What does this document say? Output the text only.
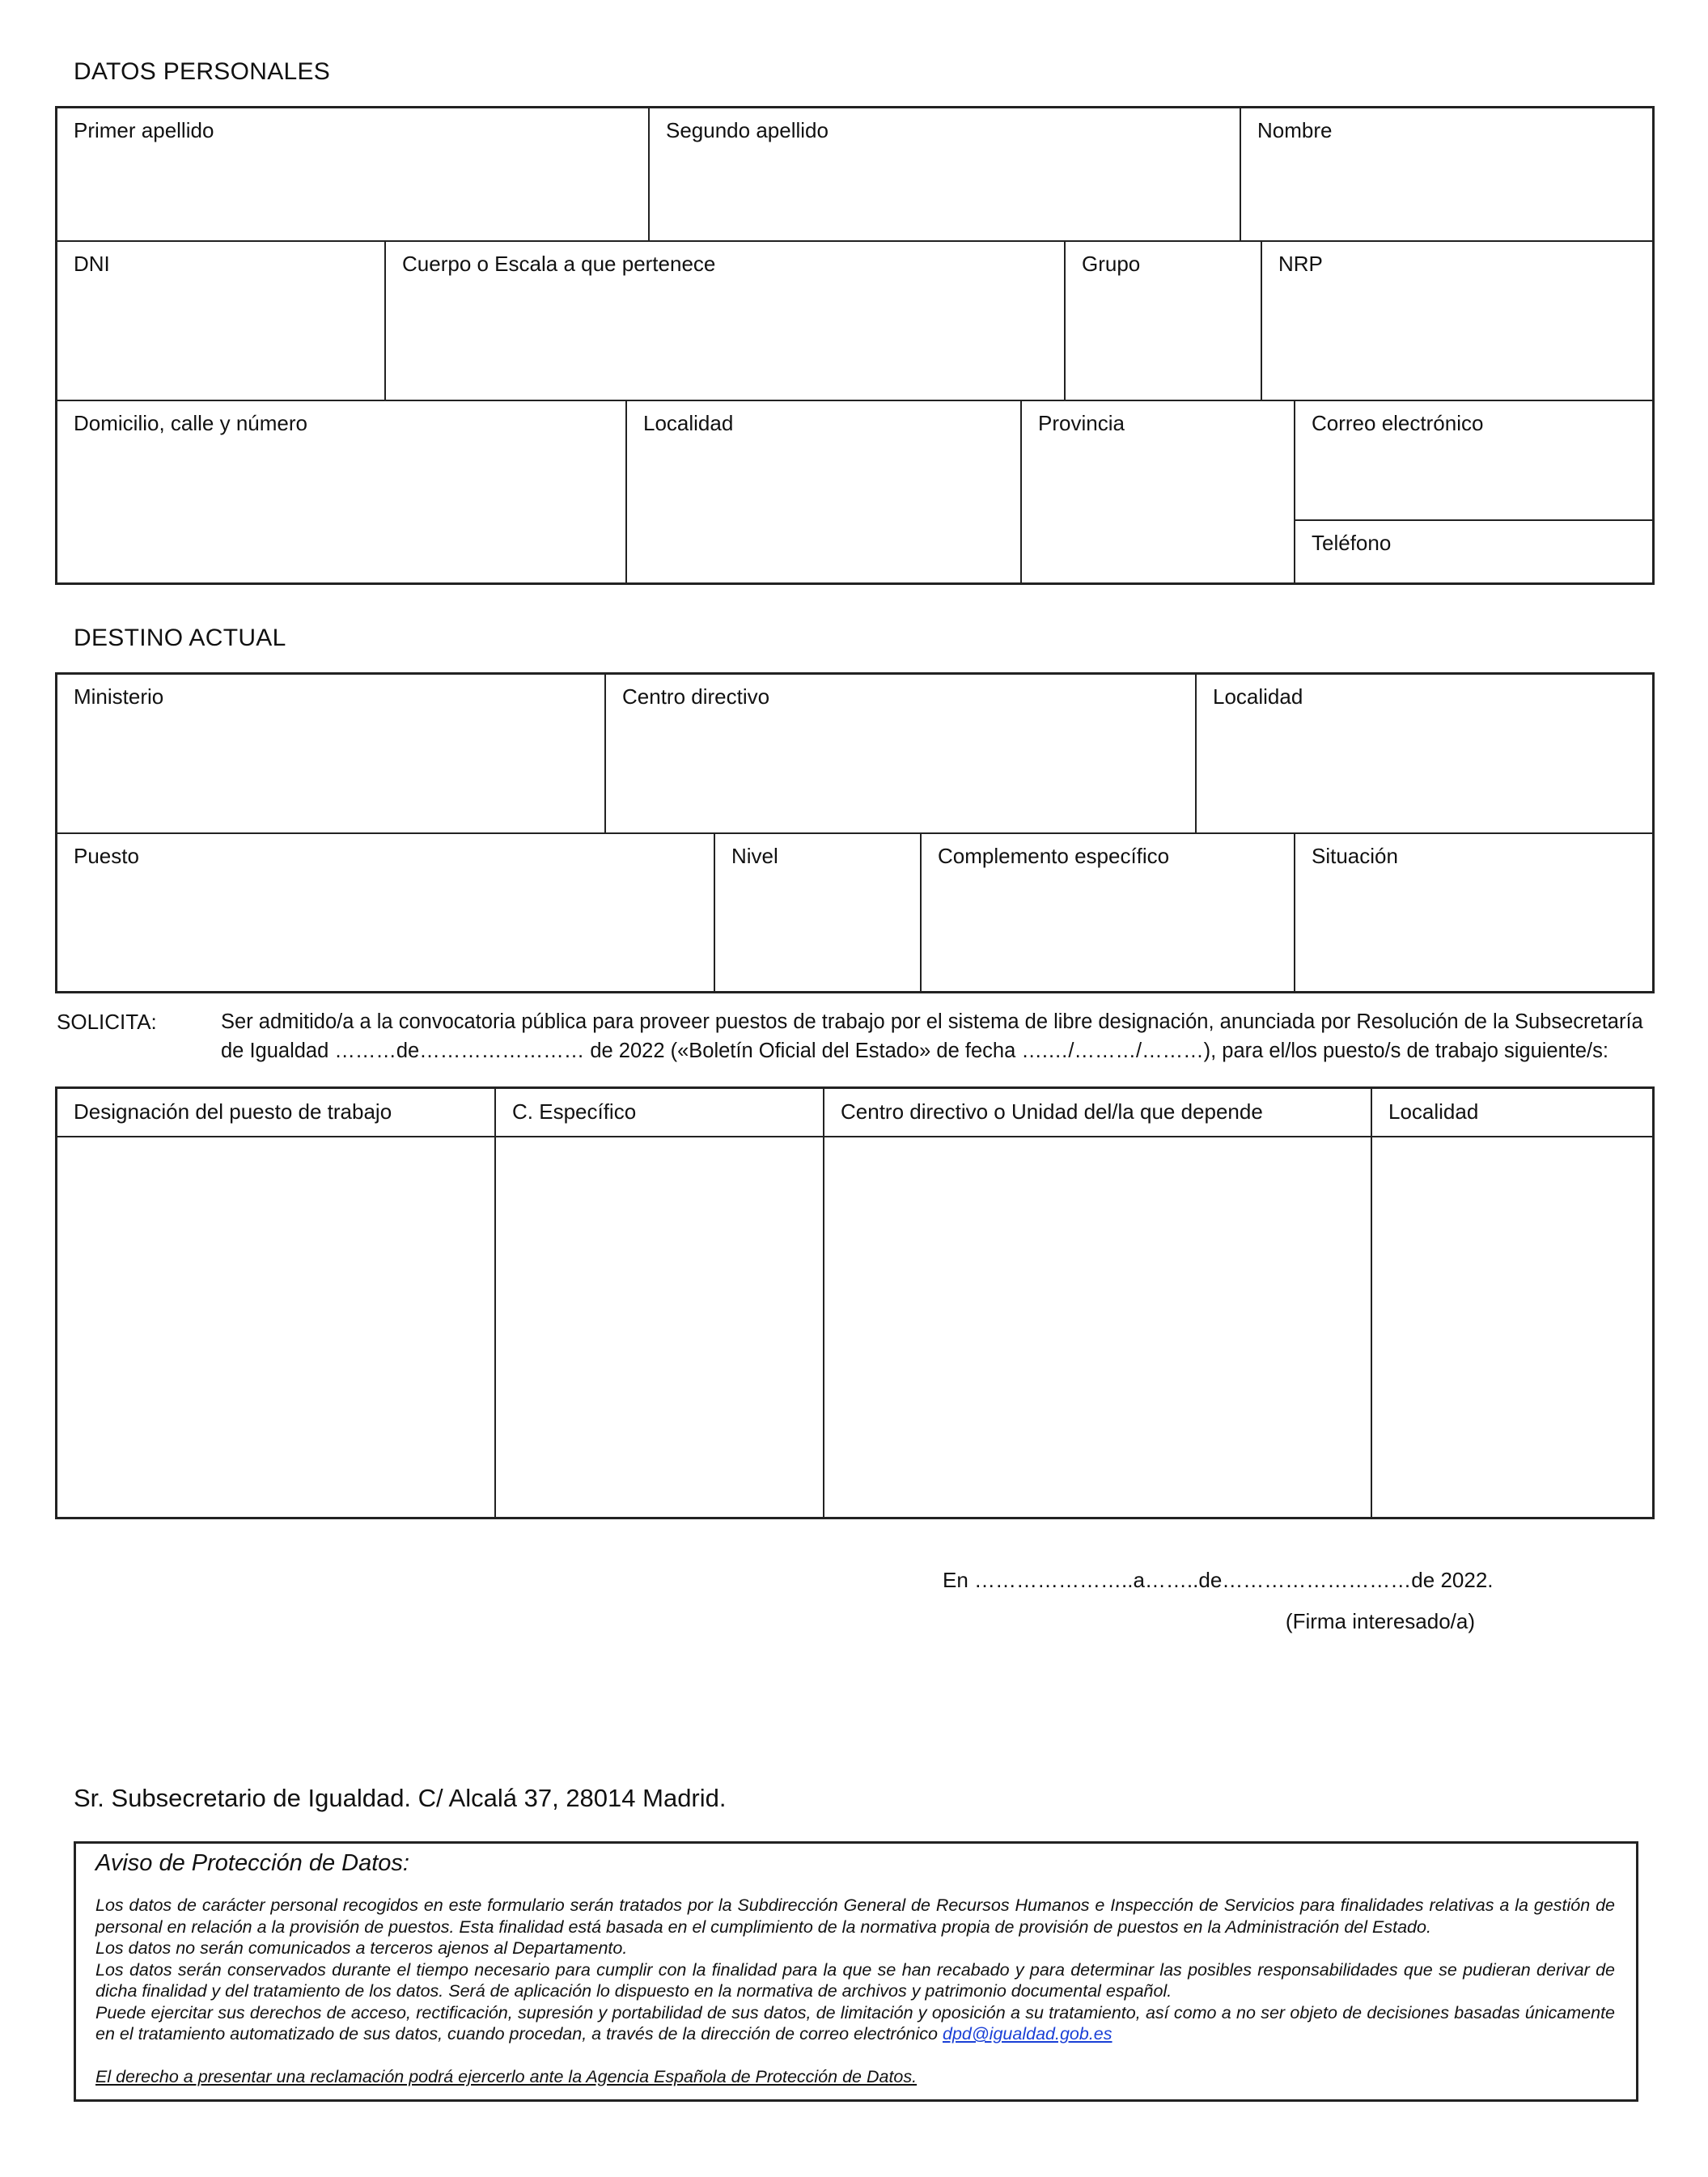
DATOS PERSONALES
Primer apellido	Segundo apellido	Nombre
DNI	Cuerpo o Escala a que pertenece	Grupo	NRP
Domicilio, calle y número	Localidad	Provincia	Correo electrónico
Teléfono
DESTINO ACTUAL
Ministerio	Centro directivo	Localidad
Puesto	Nivel	Complemento específico	Situación
SOLICITA:	Ser admitido/a a la convocatoria pública para proveer puestos de trabajo por el sistema de libre designación, anunciada por Resolución de la Subsecretaría
de Igualdad ………de…………………… de 2022 («Boletín Oficial del Estado» de fecha ….…/………/………), para el/los puesto/s de trabajo siguiente/s:
Designación del puesto de trabajo	C. Específico	Centro directivo o Unidad del/la que depende	Localidad
En …………………..a……..de………………………de 2022.
(Firma interesado/a)
Sr. Subsecretario de Igualdad. C/ Alcalá 37, 28014 Madrid.
Aviso de Protección de Datos:
Los datos de carácter personal recogidos en este formulario serán tratados por la Subdirección General de Recursos Humanos e Inspección de Servicios para finalidades relativas a la gestión de personal en relación a la provisión de puestos. Esta finalidad está basada en el cumplimiento de la normativa propia de provisión de puestos en la Administración del Estado.
Los datos no serán comunicados a terceros ajenos al Departamento.
Los datos serán conservados durante el tiempo necesario para cumplir con la finalidad para la que se han recabado y para determinar las posibles responsabilidades que se pudieran derivar de dicha finalidad y del tratamiento de los datos. Será de aplicación lo dispuesto en la normativa de archivos y patrimonio documental español.
Puede ejercitar sus derechos de acceso, rectificación, supresión y portabilidad de sus datos, de limitación y oposición a su tratamiento, así como a no ser objeto de decisiones basadas únicamente en el tratamiento automatizado de sus datos, cuando procedan, a través de la dirección de correo electrónico dpd@igualdad.gob.es
El derecho a presentar una reclamación podrá ejercerlo ante la Agencia Española de Protección de Datos.
